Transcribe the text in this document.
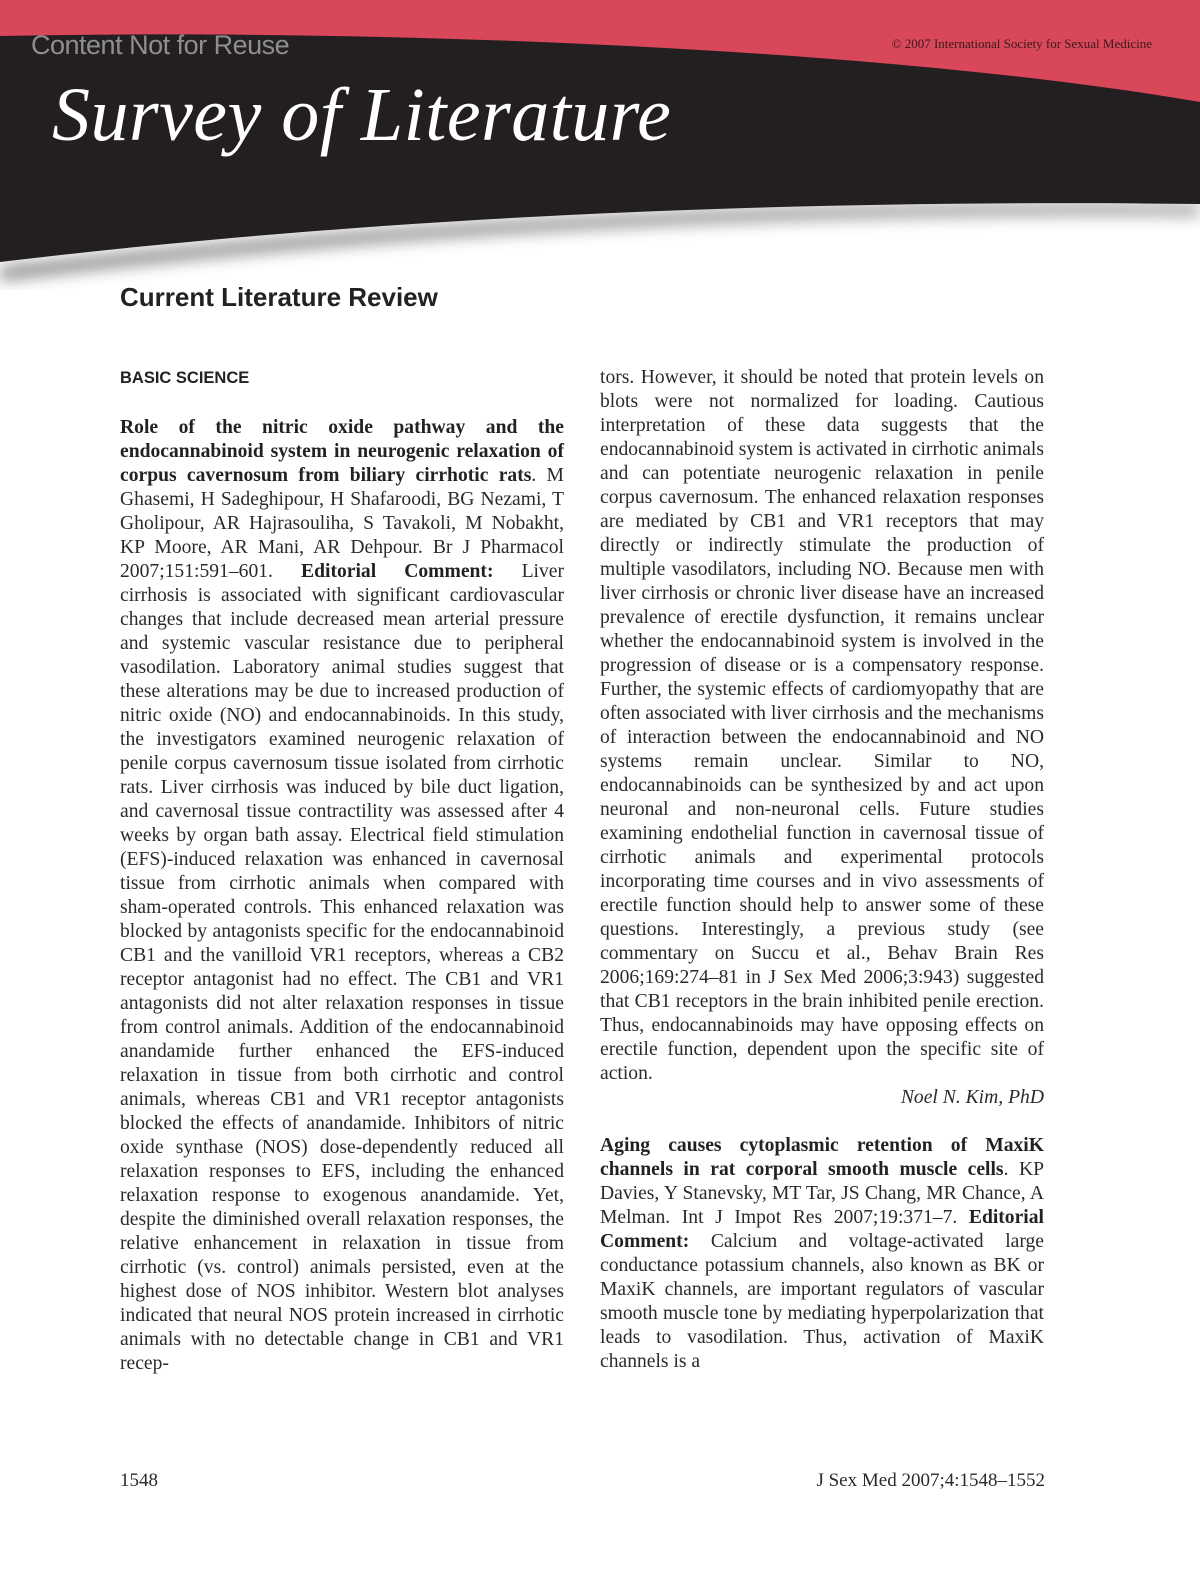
Content Not for Reuse	© 2007 International Society for Sexual Medicine
Survey of Literature
Current Literature Review
BASIC SCIENCE

Role of the nitric oxide pathway and the endocannabinoid system in neurogenic relaxation of corpus cavernosum from biliary cirrhotic rats. M Ghasemi, H Sadeghipour, H Shafaroodi, BG Nezami, T Gholipour, AR Hajrasouliha, S Tavakoli, M Nobakht, KP Moore, AR Mani, AR Dehpour. Br J Pharmacol 2007;151:591–601. Editorial Comment: Liver cirrhosis is associated with significant cardiovascular changes that include decreased mean arterial pressure and systemic vascular resistance due to peripheral vasodilation. Laboratory animal studies suggest that these alterations may be due to increased production of nitric oxide (NO) and endocannabinoids. In this study, the investigators examined neurogenic relaxation of penile corpus cavernosum tissue isolated from cirrhotic rats. Liver cirrhosis was induced by bile duct ligation, and cavernosal tissue contractility was assessed after 4 weeks by organ bath assay. Electrical field stimulation (EFS)-induced relaxation was enhanced in cavernosal tissue from cirrhotic animals when compared with sham-operated controls. This enhanced relaxation was blocked by antagonists specific for the endocannabinoid CB1 and the vanilloid VR1 receptors, whereas a CB2 receptor antagonist had no effect. The CB1 and VR1 antagonists did not alter relaxation responses in tissue from control animals. Addition of the endocannabinoid anandamide further enhanced the EFS-induced relaxation in tissue from both cirrhotic and control animals, whereas CB1 and VR1 receptor antagonists blocked the effects of anandamide. Inhibitors of nitric oxide synthase (NOS) dose-dependently reduced all relaxation responses to EFS, including the enhanced relaxation response to exogenous anandamide. Yet, despite the diminished overall relaxation responses, the relative enhancement in relaxation in tissue from cirrhotic (vs. control) animals persisted, even at the highest dose of NOS inhibitor. Western blot analyses indicated that neural NOS protein increased in cirrhotic animals with no detectable change in CB1 and VR1 recep-

tors. However, it should be noted that protein levels on blots were not normalized for loading. Cautious interpretation of these data suggests that the endocannabinoid system is activated in cirrhotic animals and can potentiate neurogenic relaxation in penile corpus cavernosum. The enhanced relaxation responses are mediated by CB1 and VR1 receptors that may directly or indirectly stimulate the production of multiple vasodilators, including NO. Because men with liver cirrhosis or chronic liver disease have an increased prevalence of erectile dysfunction, it remains unclear whether the endocannabinoid system is involved in the progression of disease or is a compensatory response. Further, the systemic effects of cardiomyopathy that are often associated with liver cirrhosis and the mechanisms of interaction between the endocannabinoid and NO systems remain unclear. Similar to NO, endocannabinoids can be synthesized by and act upon neuronal and non-neuronal cells. Future studies examining endothelial function in cavernosal tissue of cirrhotic animals and experimental protocols incorporating time courses and in vivo assessments of erectile function should help to answer some of these questions. Interestingly, a previous study (see commentary on Succu et al., Behav Brain Res 2006;169:274–81 in J Sex Med 2006;3:943) suggested that CB1 receptors in the brain inhibited penile erection. Thus, endocannabinoids may have opposing effects on erectile function, dependent upon the specific site of action.

Noel N. Kim, PhD

Aging causes cytoplasmic retention of MaxiK channels in rat corporal smooth muscle cells. KP Davies, Y Stanevsky, MT Tar, JS Chang, MR Chance, A Melman. Int J Impot Res 2007;19:371–7. Editorial Comment: Calcium and voltage-activated large conductance potassium channels, also known as BK or MaxiK channels, are important regulators of vascular smooth muscle tone by mediating hyperpolarization that leads to vasodilation. Thus, activation of MaxiK channels is a

1548	J Sex Med 2007;4:1548–1552
